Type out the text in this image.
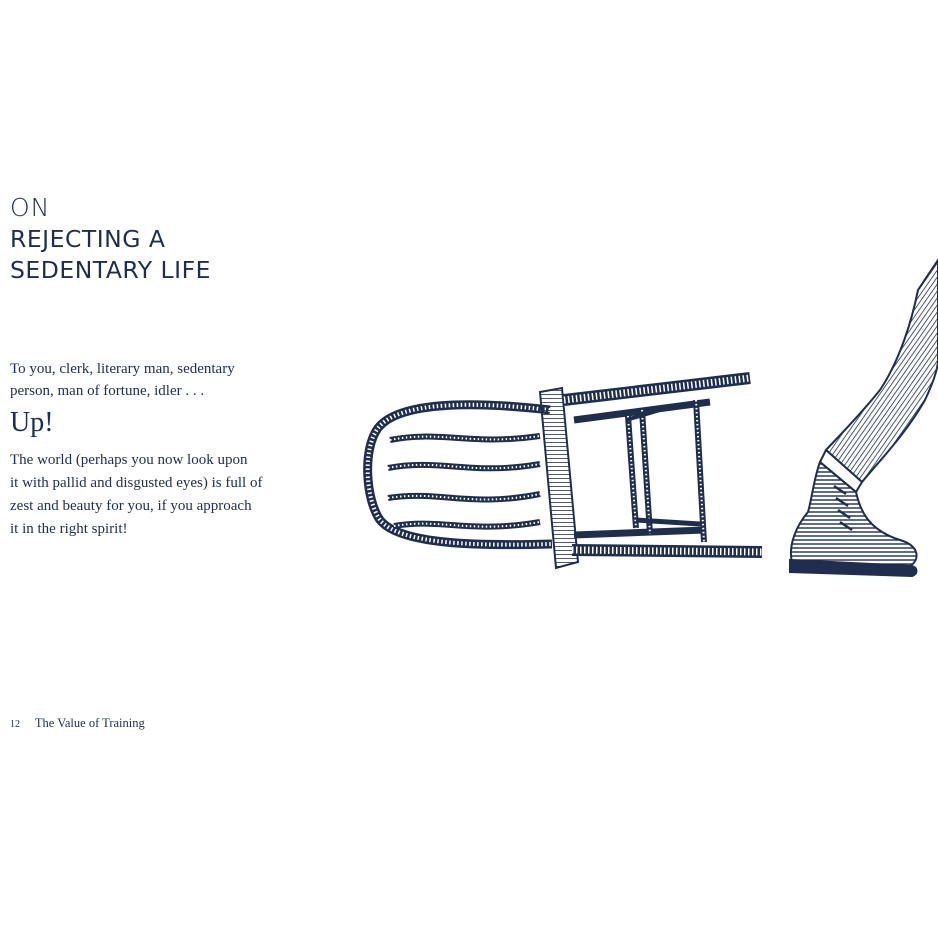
ON
REJECTING A
SEDENTARY LIFE

To you, clerk, literary man, sedentary
person, man of fortune, idler . . .

Up!

The world (perhaps you now look upon
it with pallid and disgusted eyes) is full of
zest and beauty for you, if you approach
it in the right spirit!

12 The Value of Training
